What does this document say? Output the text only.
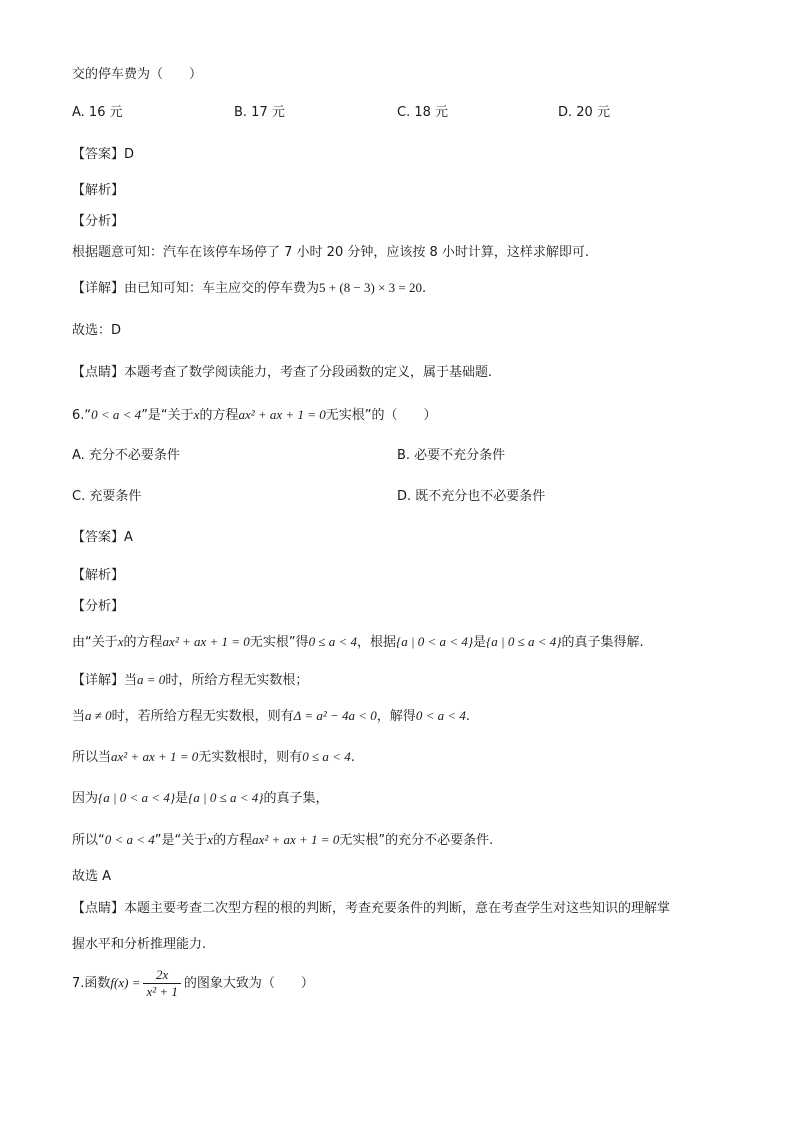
交的停车费为（　　）
A. 16 元	B. 17 元	C. 18 元	D. 20 元
【答案】D
【解析】
【分析】
根据题意可知：汽车在该停车场停了 7 小时 20 分钟，应该按 8 小时计算，这样求解即可.
【详解】由已知可知：车主应交的停车费为5 + (8 − 3) × 3 = 20.
故选：D
【点睛】本题考查了数学阅读能力，考查了分段函数的定义，属于基础题.
6.“0 < a < 4”是“关于x的方程ax² + ax + 1 = 0无实根”的（　　）
A. 充分不必要条件	B. 必要不充分条件
C. 充要条件	D. 既不充分也不必要条件
【答案】A
【解析】
【分析】
由“关于x的方程ax² + ax + 1 = 0无实根”得0 ≤ a < 4，根据{a | 0 < a < 4}是{a | 0 ≤ a < 4}的真子集得解.
【详解】当a = 0时，所给方程无实数根；
当a ≠ 0时，若所给方程无实数根，则有Δ = a² − 4a < 0，解得0 < a < 4.
所以当ax² + ax + 1 = 0无实数根时，则有0 ≤ a < 4.
因为{a | 0 < a < 4}是{a | 0 ≤ a < 4}的真子集，
所以“0 < a < 4”是“关于x的方程ax² + ax + 1 = 0无实根”的充分不必要条件.
故选 A
【点睛】本题主要考查二次型方程的根的判断，考查充要条件的判断，意在考查学生对这些知识的理解掌
握水平和分析推理能力.
7.函数$f(x) = \frac{2x}{\text{x² + 1}}$ 的图象大致为（　　）
